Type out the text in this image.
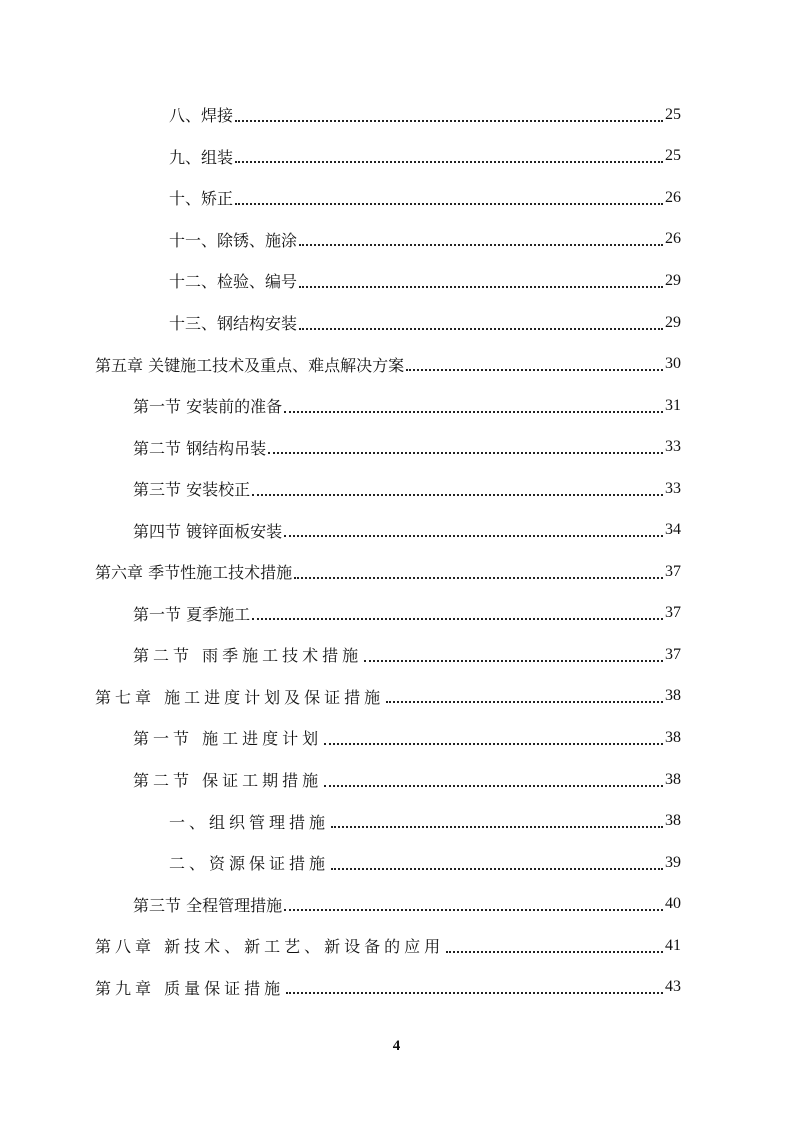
八、焊接	25
九、组装	25
十、矫正	26
十一、除锈、施涂	26
十二、检验、编号	29
十三、钢结构安装	29
第五章 关键施工技术及重点、难点解决方案	30
第一节 安装前的准备	31
第二节 钢结构吊装	33
第三节 安装校正	33
第四节 镀锌面板安装	34
第六章 季节性施工技术措施	37
第一节 夏季施工	37
第二节 雨季施工技术措施	37
第七章 施工进度计划及保证措施	38
第一节 施工进度计划	38
第二节 保证工期措施	38
一、组织管理措施	38
二、资源保证措施	39
第三节 全程管理措施	40
第八章 新技术、新工艺、新设备的应用	41
第九章 质量保证措施	43
4
